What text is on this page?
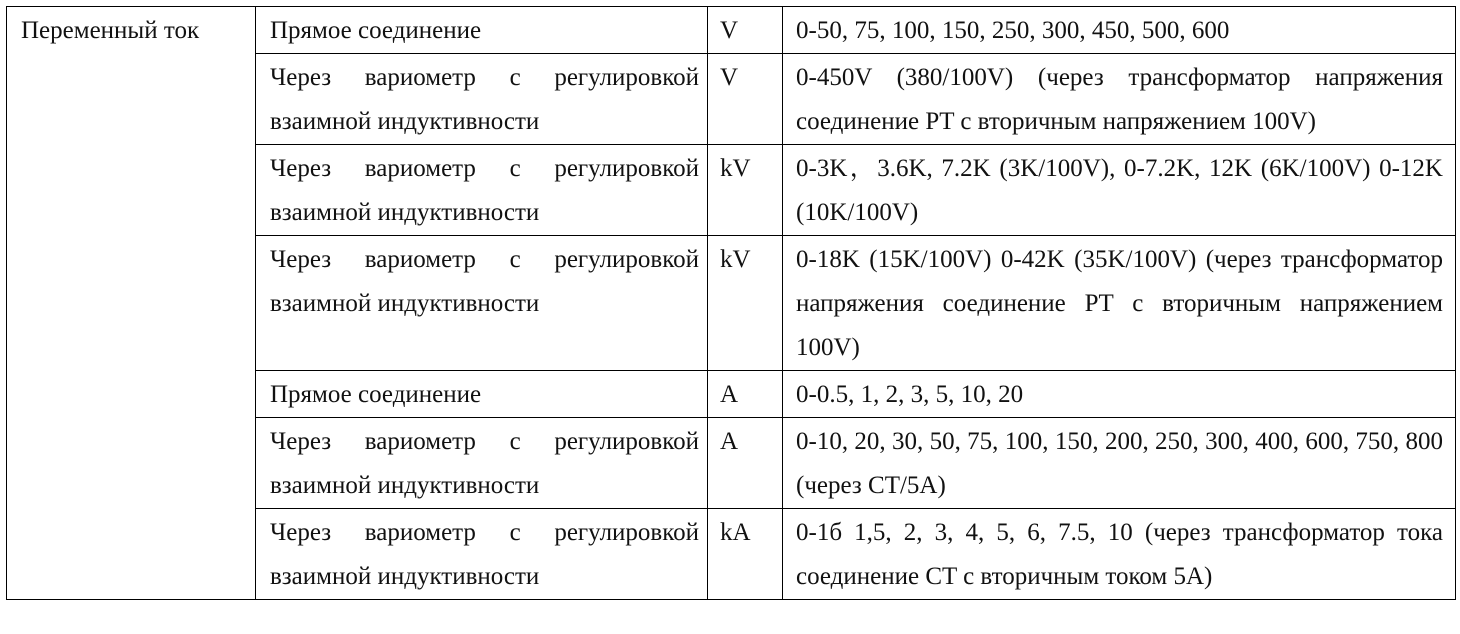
Переменный ток	Прямое соединение	V	0-50, 75, 100, 150, 250, 300, 450, 500, 600
	Через вариометр с регулировкой взаимной индуктивности	V	0-450V (380/100V) (через трансформатор напряжения соединение PT с вторичным напряжением 100V)
	Через вариометр с регулировкой взаимной индуктивности	kV	0-3K，3.6K, 7.2K (3K/100V), 0-7.2K, 12K (6K/100V) 0-12K (10K/100V)
	Через вариометр с регулировкой взаимной индуктивности	kV	0-18K (15K/100V) 0-42K (35K/100V) (через трансформатор напряжения соединение PT с вторичным напряжением 100V)
	Прямое соединение	A	0-0.5, 1, 2, 3, 5, 10, 20
	Через вариометр с регулировкой взаимной индуктивности	A	0-10, 20, 30, 50, 75, 100, 150, 200, 250, 300, 400, 600, 750, 800 (через CT/5A)
	Через вариометр с регулировкой взаимной индуктивности	kA	0-1б 1,5, 2, 3, 4, 5, 6, 7.5, 10 (через трансформатор тока соединение CT с вторичным током 5A)
